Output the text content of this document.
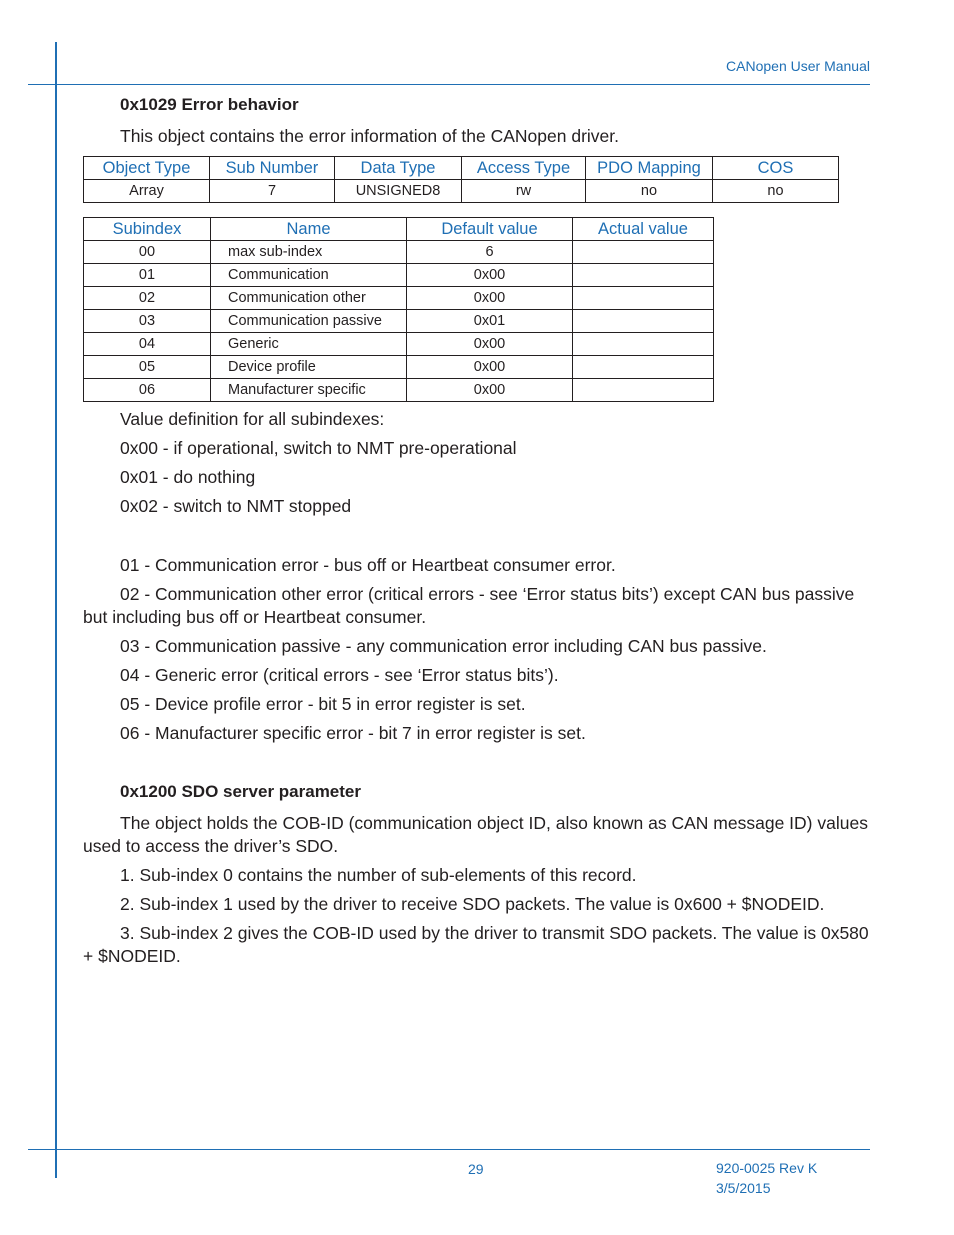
CANopen User Manual
0x1029 Error behavior

This object contains the error information of the CANopen driver.

Object Type	Sub Number	Data Type	Access Type	PDO Mapping	COS
Array	7	UNSIGNED8	rw	no	no
Subindex	Name	Default value	Actual value
00	max sub-index	6	
01	Communication	0x00	
02	Communication other	0x00	
03	Communication passive	0x01	
04	Generic	0x00	
05	Device profile	0x00	
06	Manufacturer specific	0x00	

Value definition for all subindexes:

0x00 - if operational, switch to NMT pre-operational

0x01 - do nothing

0x02 - switch to NMT stopped

01 - Communication error - bus off or Heartbeat consumer error.

02 - Communication other error (critical errors - see ‘Error status bits’) except CAN bus passive but including bus off or Heartbeat consumer.

03 - Communication passive - any communication error including CAN bus passive.

04 - Generic error (critical errors - see ‘Error status bits’).

05 - Device profile error - bit 5 in error register is set.

06 - Manufacturer specific error - bit 7 in error register is set.

0x1200 SDO server parameter

The object holds the COB-ID (communication object ID, also known as CAN message ID) values used to access the driver’s SDO.

1. Sub-index 0 contains the number of sub-elements of this record.

2. Sub-index 1 used by the driver to receive SDO packets. The value is 0x600 + $NODEID.

3. Sub-index 2 gives the COB-ID used by the driver to transmit SDO packets. The value is 0x580 + $NODEID.

29	920-0025 Rev K
3/5/2015
